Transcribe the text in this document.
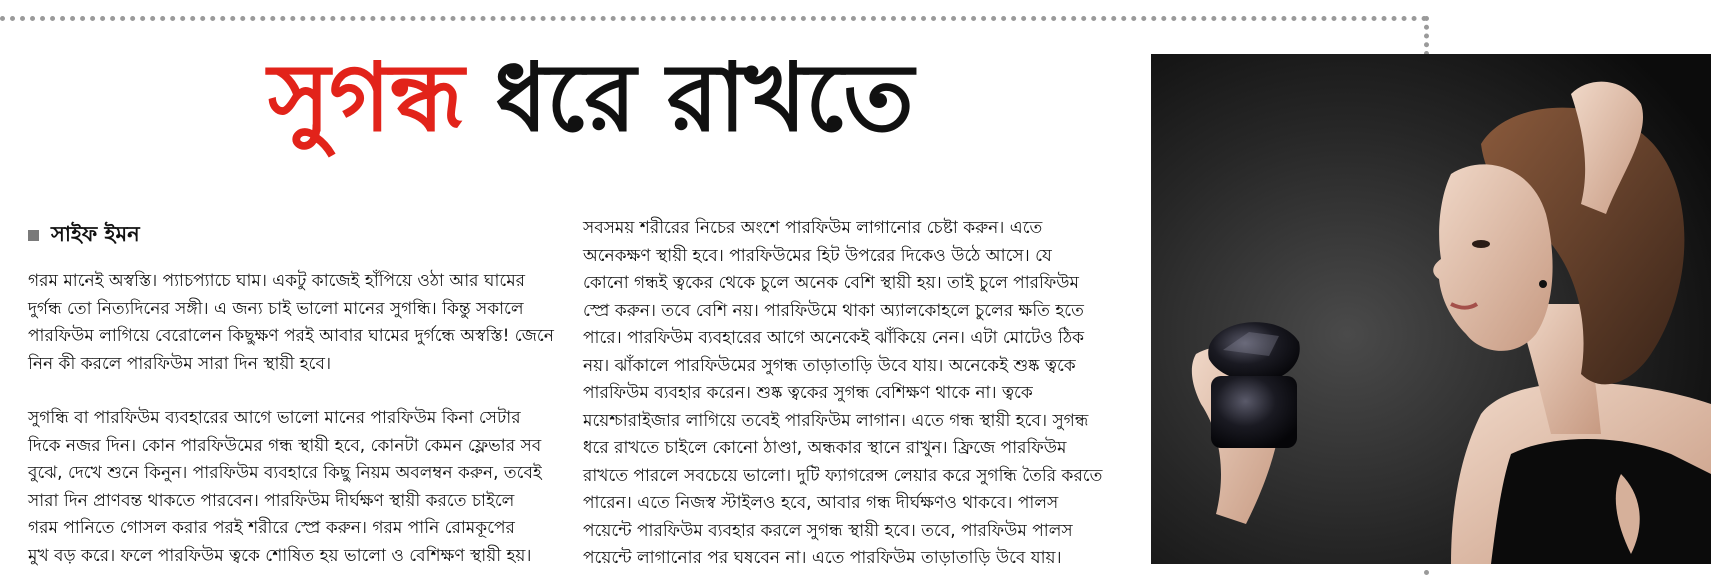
সুগন্ধ ধরে রাখতে
সাইফ ইমন

গরম মানেই অস্বস্তি। প্যাচপ্যাচে ঘাম। একটু কাজেই হাঁপিয়ে ওঠা আর ঘামের

দুর্গন্ধ তো নিত্যদিনের সঙ্গী। এ জন্য চাই ভালো মানের সুগন্ধি। কিন্তু সকালে

পারফিউম লাগিয়ে বেরোলেন কিছুক্ষণ পরই আবার ঘামের দুর্গন্ধে অস্বস্তি! জেনে

নিন কী করলে পারফিউম সারা দিন স্থায়ী হবে।

সুগন্ধি বা পারফিউম ব্যবহারের আগে ভালো মানের পারফিউম কিনা সেটার

দিকে নজর দিন। কোন পারফিউমের গন্ধ স্থায়ী হবে, কোনটা কেমন ফ্লেভার সব

বুঝে, দেখে শুনে কিনুন। পারফিউম ব্যবহারে কিছু নিয়ম অবলম্বন করুন, তবেই

সারা দিন প্রাণবন্ত থাকতে পারবেন। পারফিউম দীর্ঘক্ষণ স্থায়ী করতে চাইলে

গরম পানিতে গোসল করার পরই শরীরে স্প্রে করুন। গরম পানি রোমকূপের

মুখ বড় করে। ফলে পারফিউম ত্বকে শোষিত হয় ভালো ও বেশিক্ষণ স্থায়ী হয়।

সবসময় শরীরের নিচের অংশে পারফিউম লাগানোর চেষ্টা করুন। এতে

অনেকক্ষণ স্থায়ী হবে। পারফিউমের হিট উপরের দিকেও উঠে আসে। যে

কোনো গন্ধই ত্বকের থেকে চুলে অনেক বেশি স্থায়ী হয়। তাই চুলে পারফিউম

স্প্রে করুন। তবে বেশি নয়। পারফিউমে থাকা অ্যালকোহলে চুলের ক্ষতি হতে

পারে। পারফিউম ব্যবহারের আগে অনেকেই ঝাঁকিয়ে নেন। এটা মোটেও ঠিক

নয়। ঝাঁকালে পারফিউমের সুগন্ধ তাড়াতাড়ি উবে যায়। অনেকেই শুষ্ক ত্বকে

পারফিউম ব্যবহার করেন। শুষ্ক ত্বকের সুগন্ধ বেশিক্ষণ থাকে না। ত্বকে

ময়েশ্চারাইজার লাগিয়ে তবেই পারফিউম লাগান। এতে গন্ধ স্থায়ী হবে। সুগন্ধ

ধরে রাখতে চাইলে কোনো ঠাণ্ডা, অন্ধকার স্থানে রাখুন। ফ্রিজে পারফিউম

রাখতে পারলে সবচেয়ে ভালো। দুটি ফ্যাগরেন্স লেয়ার করে সুগন্ধি তৈরি করতে

পারেন। এতে নিজস্ব স্টাইলও হবে, আবার গন্ধ দীর্ঘক্ষণও থাকবে। পালস

পয়েন্টে পারফিউম ব্যবহার করলে সুগন্ধ স্থায়ী হবে। তবে, পারফিউম পালস

পয়েন্টে লাগানোর পর ঘষবেন না। এতে পারফিউম তাড়াতাড়ি উবে যায়।
